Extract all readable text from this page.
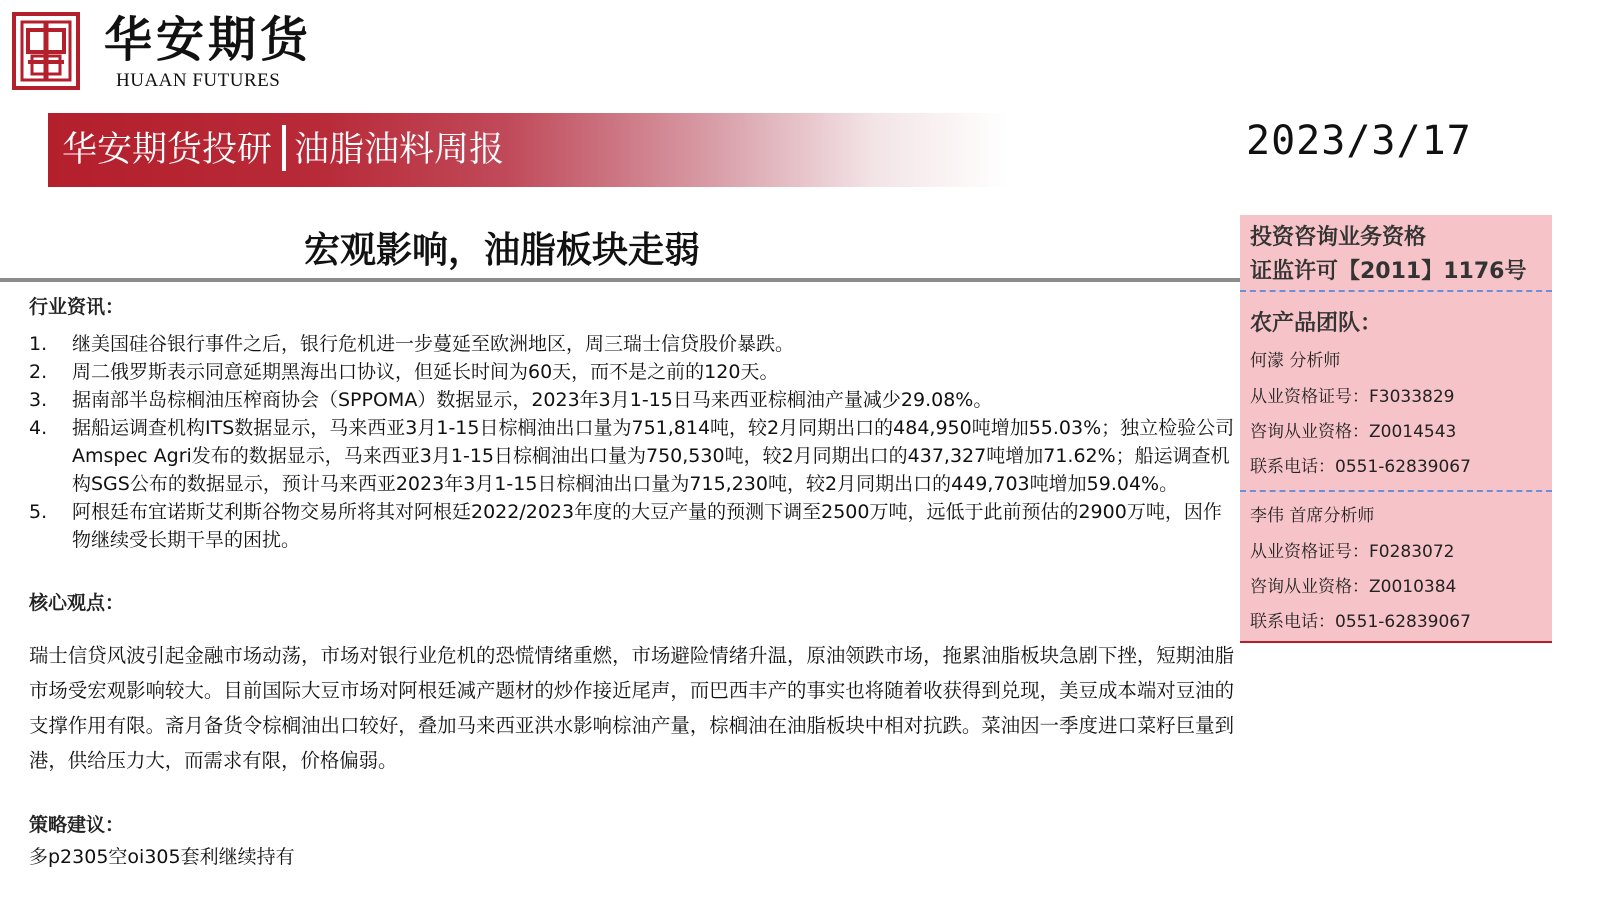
华安期货
HUAAN FUTURES
华安期货投研 油脂油料周报	2023/3/17
宏观影响，油脂板块走弱
行业资讯：
1. 继美国硅谷银行事件之后，银行危机进一步蔓延至欧洲地区，周三瑞士信贷股价暴跌。
2. 周二俄罗斯表示同意延期黑海出口协议，但延长时间为60天，而不是之前的120天。
3. 据南部半岛棕榈油压榨商协会（SPPOMA）数据显示，2023年3月1-15日马来西亚棕榈油产量减少29.08%。
4. 据船运调查机构ITS数据显示，马来西亚3月1-15日棕榈油出口量为751,814吨，较2月同期出口的484,950吨增加55.03%；独立检验公司Amspec Agri发布的数据显示，马来西亚3月1-15日棕榈油出口量为750,530吨，较2月同期出口的437,327吨增加71.62%；船运调查机构SGS公布的数据显示，预计马来西亚2023年3月1-15日棕榈油出口量为715,230吨，较2月同期出口的449,703吨增加59.04%。
5. 阿根廷布宜诺斯艾利斯谷物交易所将其对阿根廷2022/2023年度的大豆产量的预测下调至2500万吨，远低于此前预估的2900万吨，因作物继续受长期干旱的困扰。
核心观点：
瑞士信贷风波引起金融市场动荡，市场对银行业危机的恐慌情绪重燃，市场避险情绪升温，原油领跌市场，拖累油脂板块急剧下挫，短期油脂市场受宏观影响较大。目前国际大豆市场对阿根廷减产题材的炒作接近尾声，而巴西丰产的事实也将随着收获得到兑现，美豆成本端对豆油的支撑作用有限。斋月备货令棕榈油出口较好，叠加马来西亚洪水影响棕油产量，棕榈油在油脂板块中相对抗跌。菜油因一季度进口菜籽巨量到港，供给压力大，而需求有限，价格偏弱。
策略建议：
多p2305空oi305套利继续持有
投资咨询业务资格
证监许可【2011】1176号
农产品团队：
何濛 分析师
从业资格证号：F3033829
咨询从业资格：Z0014543
联系电话：0551-62839067
李伟 首席分析师
从业资格证号：F0283072
咨询从业资格：Z0010384
联系电话：0551-62839067
